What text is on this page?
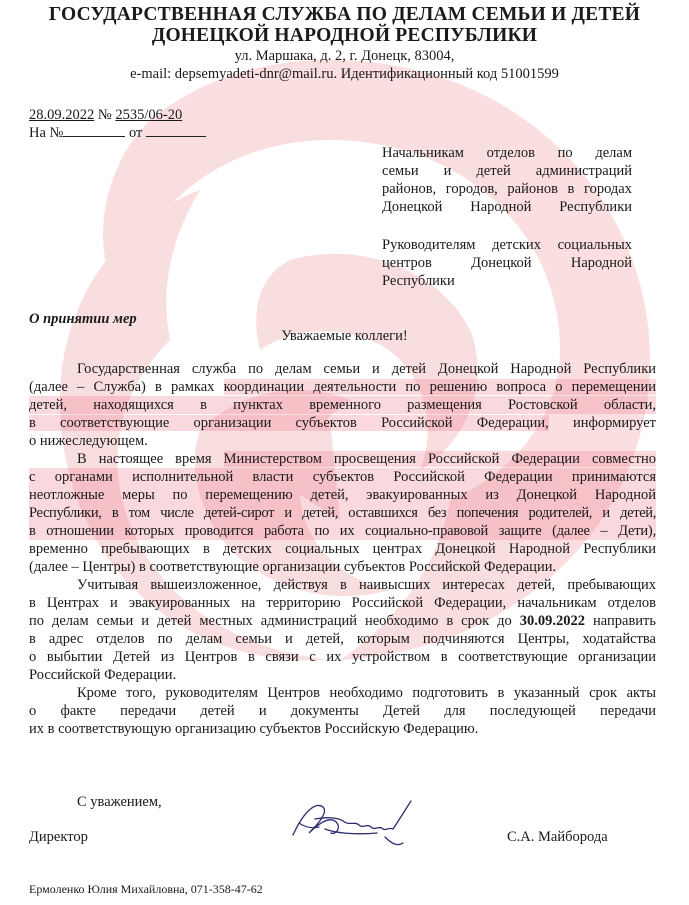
ГОСУДАРСТВЕННАЯ СЛУЖБА ПО ДЕЛАМ СЕМЬИ И ДЕТЕЙ
ДОНЕЦКОЙ НАРОДНОЙ РЕСПУБЛИКИ
ул. Маршака, д. 2, г. Донецк, 83004,
e-mail: depsemyadeti-dnr@mail.ru. Идентификационный код 51001599
28.09.2022 № 2535/06-20
На №	от
Начальникам отделов по делам
семьи и детей администраций
районов, городов, районов в городах
Донецкой Народной Республики
Руководителям детских социальных
центров Донецкой Народной
Республики
О принятии мер
Уважаемые коллеги!
Государственная служба по делам семьи и детей Донецкой Народной Республики
(далее – Служба) в рамках координации деятельности по решению вопроса о перемещении
детей, находящихся в пунктах временного размещения Ростовской области,
в соответствующие организации субъектов Российской Федерации, информирует
о нижеследующем.
В настоящее время Министерством просвещения Российской Федерации совместно
с органами исполнительной власти субъектов Российской Федерации принимаются
неотложные меры по перемещению детей, эвакуированных из Донецкой Народной
Республики, в том числе детей-сирот и детей, оставшихся без попечения родителей, и детей,
в отношении которых проводится работа по их социально-правовой защите (далее – Дети),
временно пребывающих в детских социальных центрах Донецкой Народной Республики
(далее – Центры) в соответствующие организации субъектов Российской Федерации.
Учитывая вышеизложенное, действуя в наивысших интересах детей, пребывающих
в Центрах и эвакуированных на территорию Российской Федерации, начальникам отделов
по делам семьи и детей местных администраций необходимо в срок до 30.09.2022 направить
в адрес отделов по делам семьи и детей, которым подчиняются Центры, ходатайства
о выбытии Детей из Центров в связи с их устройством в соответствующие организации
Российской Федерации.
Кроме того, руководителям Центров необходимо подготовить в указанный срок акты
о факте передачи детей и документы Детей для последующей передачи
их в соответствующую организацию субъектов Российскую Федерацию.
С уважением,
Директор	С.А. Майборода
Ермоленко Юлия Михайловна, 071-358-47-62
